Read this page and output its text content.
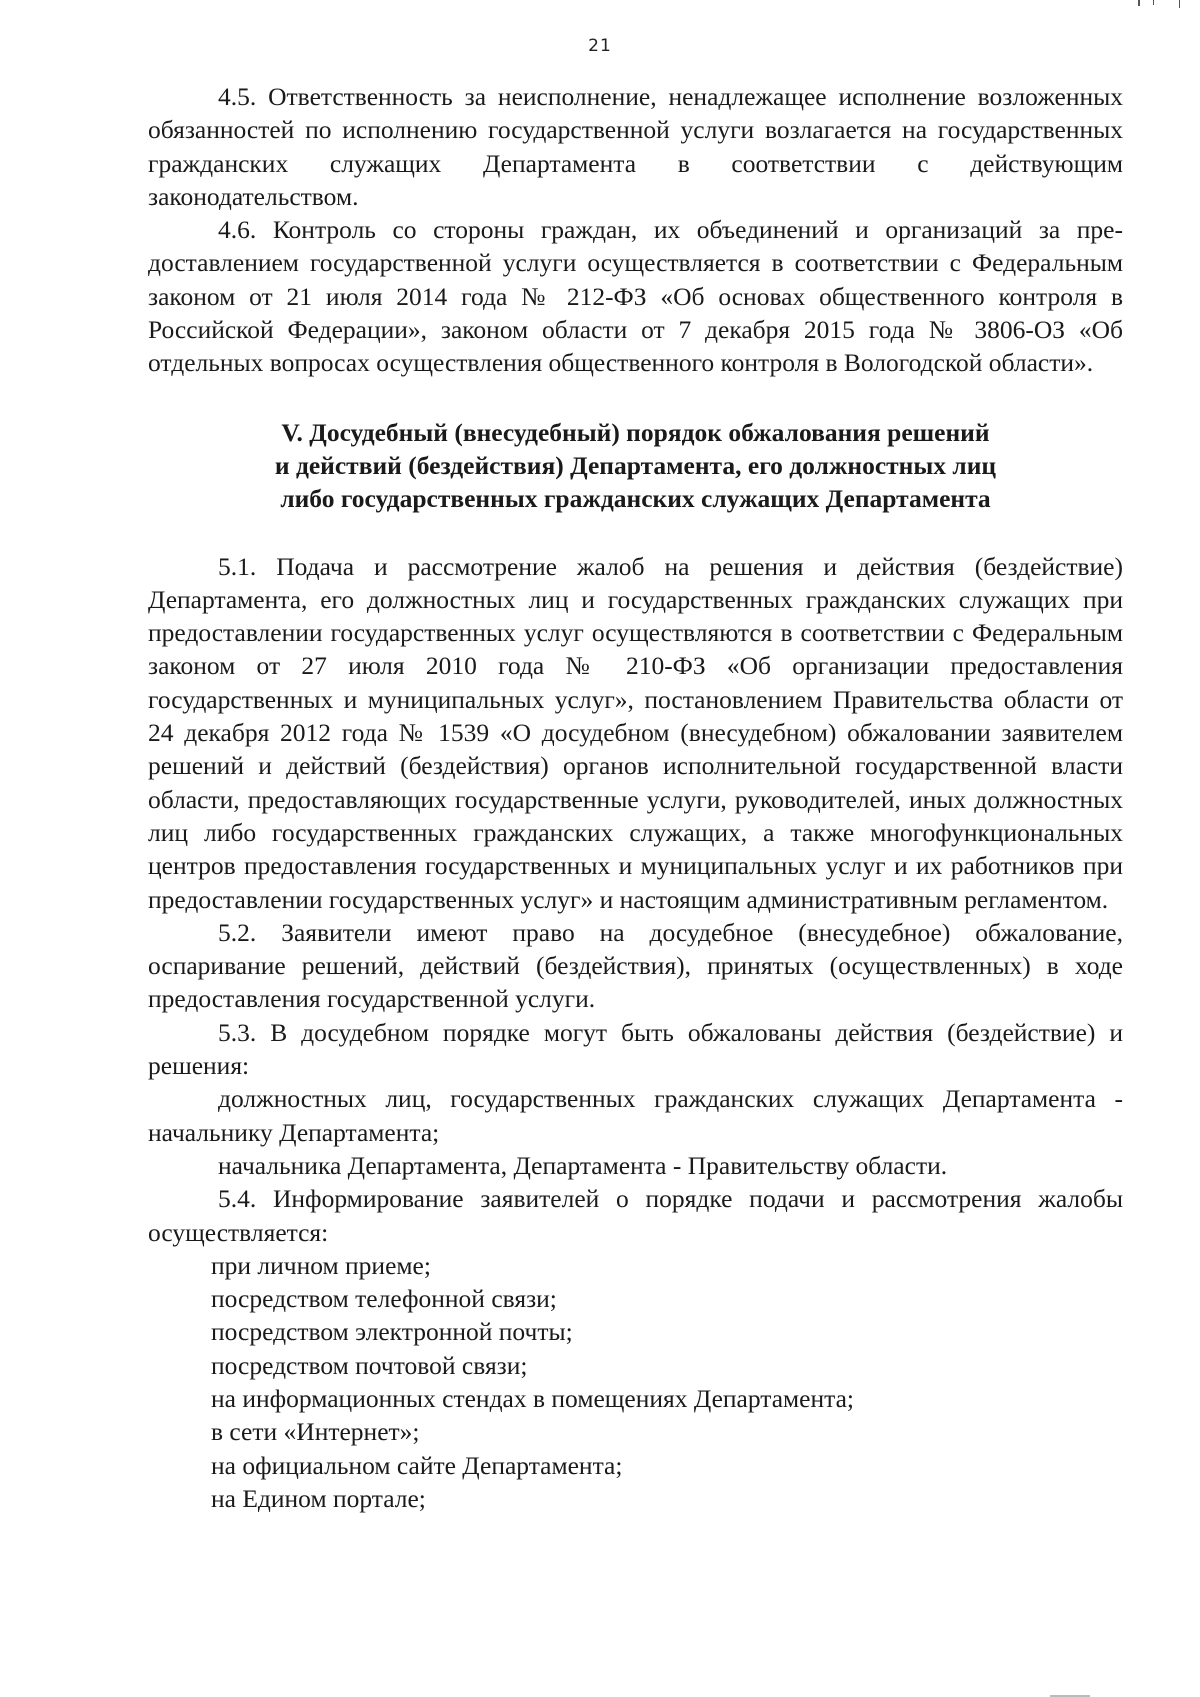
21

4.5. Ответственность за неисполнение, ненадлежащее исполнение возложенных обязанностей по исполнению государственной услуги возлагается на государственных гражданских служащих Департамента в соответствии с действующим законодательством.

4.6. Контроль со стороны граждан, их объединений и организаций за предоставлением государственной услуги осуществляется в соответствии с Федеральным законом от 21 июля 2014 года № 212-ФЗ «Об основах общественного контроля в Российской Федерации», законом области от 7 декабря 2015 года № 3806-ОЗ «Об отдельных вопросах осуществления общественного контроля в Вологодской области».

V. Досудебный (внесудебный) порядок обжалования решений
и действий (бездействия) Департамента, его должностных лиц
либо государственных гражданских служащих Департамента

5.1. Подача и рассмотрение жалоб на решения и действия (бездействие) Департамента, его должностных лиц и государственных гражданских служащих при предоставлении государственных услуг осуществляются в соответствии с Федеральным законом от 27 июля 2010 года № 210-ФЗ «Об организации предоставления государственных и муниципальных услуг», постановлением Правительства области от 24 декабря 2012 года № 1539 «О досудебном (внесудебном) обжаловании заявителем решений и действий (бездействия) органов исполнительной государственной власти области, предоставляющих государственные услуги, руководителей, иных должностных лиц либо государственных гражданских служащих, а также многофункциональных центров предоставления государственных и муниципальных услуг и их работников при предоставлении государственных услуг» и настоящим административным регламентом.

5.2. Заявители имеют право на досудебное (внесудебное) обжалование, оспаривание решений, действий (бездействия), принятых (осуществленных) в ходе предоставления государственной услуги.

5.3. В досудебном порядке могут быть обжалованы действия (бездействие) и решения:

должностных лиц, государственных гражданских служащих Департамента - начальнику Департамента;

начальника Департамента, Департамента - Правительству области.

5.4. Информирование заявителей о порядке подачи и рассмотрения жалобы осуществляется:

при личном приеме;

посредством телефонной связи;

посредством электронной почты;

посредством почтовой связи;

на информационных стендах в помещениях Департамента;

в сети «Интернет»;

на официальном сайте Департамента;

на Едином портале;
